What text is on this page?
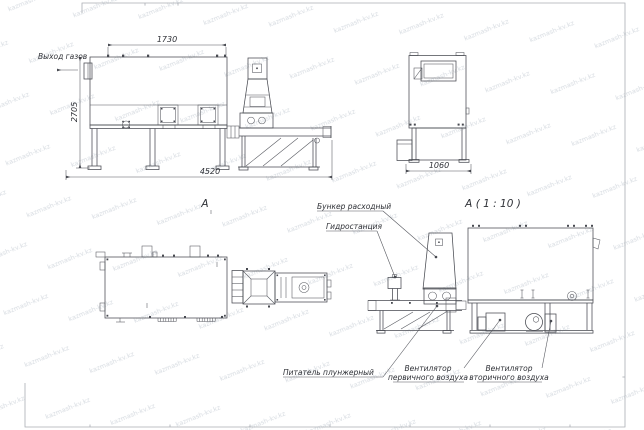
1730
2705
4520
Выход газов
1060
А	А ( 1 : 10 )
Бункер расходный
Гидростанция
Питатель плунжерный	Вентилятор
первичного воздуха
Вентилятор
вторичного воздуха
